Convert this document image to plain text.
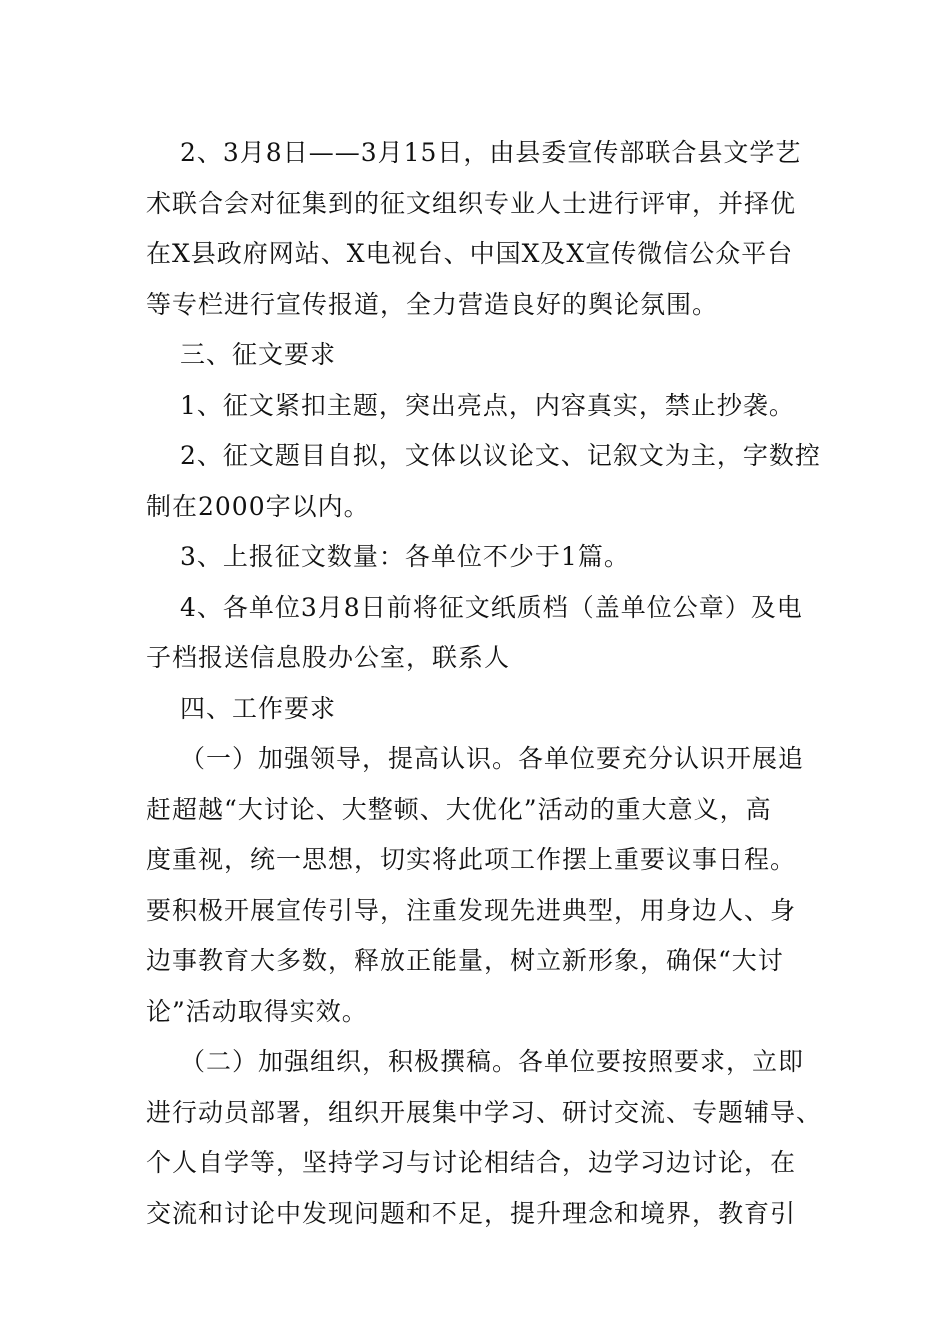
2、3月8日——3月15日，由县委宣传部联合县文学艺
术联合会对征集到的征文组织专业人士进行评审，并择优
在X县政府网站、X电视台、中国X及X宣传微信公众平台
等专栏进行宣传报道，全力营造良好的舆论氛围。
三、征文要求
1、征文紧扣主题，突出亮点，内容真实，禁止抄袭。
2、征文题目自拟，文体以议论文、记叙文为主，字数控
制在2000字以内。
3、上报征文数量：各单位不少于1篇。
4、各单位3月8日前将征文纸质档（盖单位公章）及电
子档报送信息股办公室，联系人
四、工作要求
（一）加强领导，提高认识。各单位要充分认识开展追
赶超越“大讨论、大整顿、大优化”活动的重大意义，高
度重视，统一思想，切实将此项工作摆上重要议事日程。
要积极开展宣传引导，注重发现先进典型，用身边人、身
边事教育大多数，释放正能量，树立新形象，确保“大讨
论”活动取得实效。
（二）加强组织，积极撰稿。各单位要按照要求，立即
进行动员部署，组织开展集中学习、研讨交流、专题辅导、
个人自学等，坚持学习与讨论相结合，边学习边讨论，在
交流和讨论中发现问题和不足，提升理念和境界，教育引
